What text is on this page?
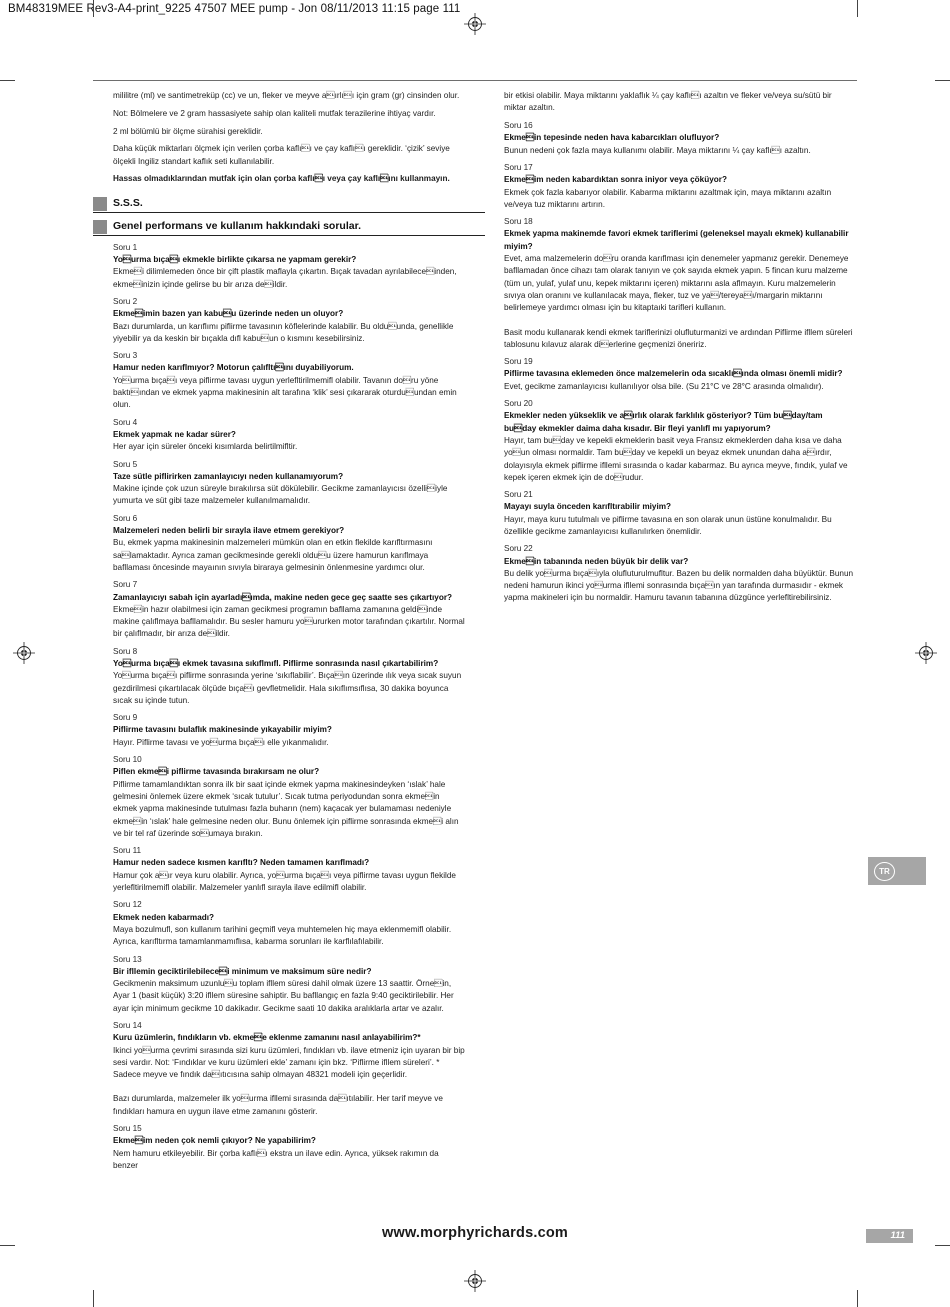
BM48319MEE Rev3-A4-print_9225 47507 MEE pump - Jon 08/11/2013 11:15 page 111

mililitre (ml) ve santimetreküp (cc) ve un, fleker ve meyve aırlıı için gram (gr) cinsinden olur.

Not: Bölmelere ve 2 gram hassasiyete sahip olan kaliteli mutfak terazilerine ihtiyaç vardır.

2 ml bölümlü bir ölçme sürahisi gereklidir.

Daha küçük miktarları ölçmek için verilen çorba kaflıı ve çay kaflıı gereklidir. ‘çizik’ seviye ölçekli Ingiliz standart kaflık seti kullanılabilir.

Hassas olmadıklarından mutfak için olan çorba kaflıı veya çay kaflıını kullanmayın.

S.S.S.
Genel performans ve kullanım hakkındaki sorular.
Soru 1
Yourma bıçaı ekmekle birlikte çıkarsa ne yapmam gerekir?
Ekmei dilimlemeden önce bir çift plastik maflayla çıkartın. Bıçak tavadan ayrılabileceinden, ekmeinizin içinde gelirse bu bir arıza deildir.
Soru 2
Ekmeimin bazen yan kabuu üzerinde neden un oluyor?
Bazı durumlarda, un karıflımı piflirme tavasının köflelerinde kalabilir. Bu olduunda, genellikle yiyebilir ya da keskin bir bıçakla dıfl kabuun o kısmını kesebilirsiniz.
Soru 3
Hamur neden karıflmıyor? Motorun çalıfltıını duyabiliyorum.
Yourma bıçaı veya piflirme tavası uygun yerlefltirilmemifl olabilir. Tavanın doru yöne baktıından ve ekmek yapma makinesinin alt tarafına ‘klik’ sesi çıkararak oturduundan emin olun.
Soru 4
Ekmek yapmak ne kadar sürer?
Her ayar için süreler önceki kısımlarda belirtilmifltir.
Soru 5
Taze sütle piflirirken zamanlayıcıyı neden kullanamıyorum?
Makine içinde çok uzun süreyle bırakılırsa süt dökülebilir. Gecikme zamanlayıcısı özelliiyle yumurta ve süt gibi taze malzemeler kullanılmamalıdır.
Soru 6
Malzemeleri neden belirli bir sırayla ilave etmem gerekiyor?
Bu, ekmek yapma makinesinin malzemeleri mümkün olan en etkin flekilde karıfltırmasını salamaktadır. Ayrıca zaman gecikmesinde gerekli olduu üzere hamurun karıflmaya bafllaması öncesinde mayaının sıvıyla biraraya gelmesinin önlenmesine yardımcı olur.
Soru 7
Zamanlayıcıyı sabah için ayarladıımda, makine neden gece geç saatte ses çıkartıyor?
Ekmein hazır olabilmesi için zaman gecikmesi programın bafllama zamanına geldiinde makine çalıflmaya bafllamalıdır. Bu sesler hamuru yoururken motor tarafından çıkartılır. Normal bir çalıflmadır, bir arıza deildir.
Soru 8
Yourma bıçaı ekmek tavasına sıkıflmıfl. Piflirme sonrasında nasıl çıkartabilirim?
Yourma bıçaı piflirme sonrasında yerine ‘sıkıflabilir’. Bıçaın üzerinde ılık veya sıcak suyun gezdirilmesi çıkartılacak ölçüde bıçaı gevfletmelidir. Hala sıkıflımsıflısa, 30 dakika boyunca sıcak su içinde tutun.
Soru 9
Piflirme tavasını bulaflık makinesinde yıkayabilir miyim?
Hayır. Piflirme tavası ve yourma bıçaı elle yıkanmalıdır.
Soru 10
Piflen ekmei piflirme tavasında bırakırsam ne olur?
Piflirme tamamlandıktan sonra ilk bir saat içinde ekmek yapma makinesindeyken ‘ıslak’ hale gelmesini önlemek üzere ekmek ‘sıcak tutulur’. Sıcak tutma periyodundan sonra ekmein ekmek yapma makinesinde tutulması fazla buharın (nem) kaçacak yer bulamaması nedeniyle ekmein ‘ıslak’ hale gelmesine neden olur. Bunu önlemek için piflirme sonrasında ekmei alın ve bir tel raf üzerinde soumaya bırakın.
Soru 11
Hamur neden sadece kısmen karıfltı? Neden tamamen karıflmadı?
Hamur çok aır veya kuru olabilir. Ayrıca, yourma bıçaı veya piflirme tavası uygun flekilde yerlefltirilmemifl olabilir. Malzemeler yanlıfl sırayla ilave edilmifl olabilir.
Soru 12
Ekmek neden kabarmadı?
Maya bozulmufl, son kullanım tarihini geçmifl veya muhtemelen hiç maya eklenmemifl olabilir. Ayrıca, karıfltırma tamamlanmamıflısa, kabarma sorunları ile karflılafılabilir.
Soru 13
Bir ifllemin geciktirilebilecei minimum ve maksimum süre nedir?
Gecikmenin maksimum uzunluu toplam ifllem süresi dahil olmak üzere 13 saattir. Örnein, Ayar 1 (basit küçük) 3:20 ifllem süresine sahiptir. Bu bafllangıç en fazla 9:40 geciktirilebilir. Her ayar için minimum gecikme 10 dakikadır. Gecikme saati 10 dakika aralıklarla artar ve azalır.
Soru 14
Kuru üzümlerin, fındıkların vb. ekmee eklenme zamanını nasıl anlayabilirim?*
Ikinci yourma çevrimi sırasında sizi kuru üzümleri, fındıkları vb. ilave etmeniz için uyaran bir bip sesi vardır. Not: ‘Fındıklar ve kuru üzümleri ekle’ zamanı için bkz. ‘Piflirme ifllem süreleri’. * Sadece meyve ve fındık daıtıcısına sahip olmayan 48321 modeli için geçerlidir.
Bazı durumlarda, malzemeler ilk yourma ifllemi sırasında daıtılabilir. Her tarif meyve ve fındıkları hamura en uygun ilave etme zamanını gösterir.
Soru 15
Ekmeim neden çok nemli çıkıyor? Ne yapabilirim?
Nem hamuru etkileyebilir. Bir çorba kaflıı ekstra un ilave edin. Ayrıca, yüksek rakımın da benzer

bir etkisi olabilir. Maya miktarını yaklaflık ¼ çay kaflıı azaltın ve fleker ve/veya su/sütü bir miktar azaltın.

Soru 16
Ekmein tepesinde neden hava kabarcıkları olufluyor?
Bunun nedeni çok fazla maya kullanımı olabilir. Maya miktarını ¼ çay kaflıı azaltın.
Soru 17
Ekmeim neden kabardıktan sonra iniyor veya çöküyor?
Ekmek çok fazla kabarıyor olabilir. Kabarma miktarını azaltmak için, maya miktarını azaltın ve/veya tuz miktarını artırın.
Soru 18
Ekmek yapma makinemde favori ekmek tariflerimi (geleneksel mayalı ekmek) kullanabilir miyim?
Evet, ama malzemelerin doru oranda karıflması için denemeler yapmanız gerekir. Denemeye bafllamadan önce cihazı tam olarak tanıyın ve çok sayıda ekmek yapın. 5 fincan kuru malzeme (tüm un, yulaf, yulaf unu, kepek miktarını içeren) miktarını asla aflmayın. Kuru malzemelerin sıvıya olan oranını ve kullanılacak maya, fleker, tuz ve ya/tereyaı/margarin miktarını belirlemeye yardımcı olması için bu kitaptaıki tarifleri kullanın.
Basit modu kullanarak kendi ekmek tariflerinizi olufluturmanizi ve ardından Piflirme ifllem süreleri tablosunu kılavuz alarak dierlerine geçmenizi öneririz.
Soru 19
Piflirme tavasına eklemeden önce malzemelerin oda sıcaklıında olması önemli midir?
Evet, gecikme zamanlayıcısı kullanılıyor olsa bile. (Su 21°C ve 28°C arasında olmalıdır).
Soru 20
Ekmekler neden yükseklik ve aırlık olarak farklılık gösteriyor? Tüm buday/tam buday ekmekler daima daha kısadır. Bir fleyi yanlıfl mı yapıyorum?
Hayır, tam buday ve kepekli ekmeklerin basit veya Fransız ekmeklerden daha kısa ve daha youn olması normaldir. Tam buday ve kepekli un beyaz ekmek unundan daha aırdır, dolayısıyla ekmek piflirme ifllemi sırasında o kadar kabarmaz. Bu ayrıca meyve, fındık, yulaf ve kepek içeren ekmek için de dorudur.
Soru 21
Mayayı suyla önceden karıfltırabilir miyim?
Hayır, maya kuru tutulmalı ve piflirme tavasına en son olarak unun üstüne konulmalıdır. Bu özellikle gecikme zamanlayıcısı kullanılırken önemlidir.
Soru 22
Ekmein tabanında neden büyük bir delik var?
Bu delik yourma bıçaıyla olufluturulmufltur. Bazen bu delik normalden daha büyüktür. Bunun nedeni hamurun ikinci yourma ifllemi sonrasında bıçaın yan tarafında durmasıdır - ekmek yapma makineleri için bu normaldir. Hamuru tavanın tabanına düzgünce yerlefltirebilirsiniz.
TR
www.morphyrichards.com	111
